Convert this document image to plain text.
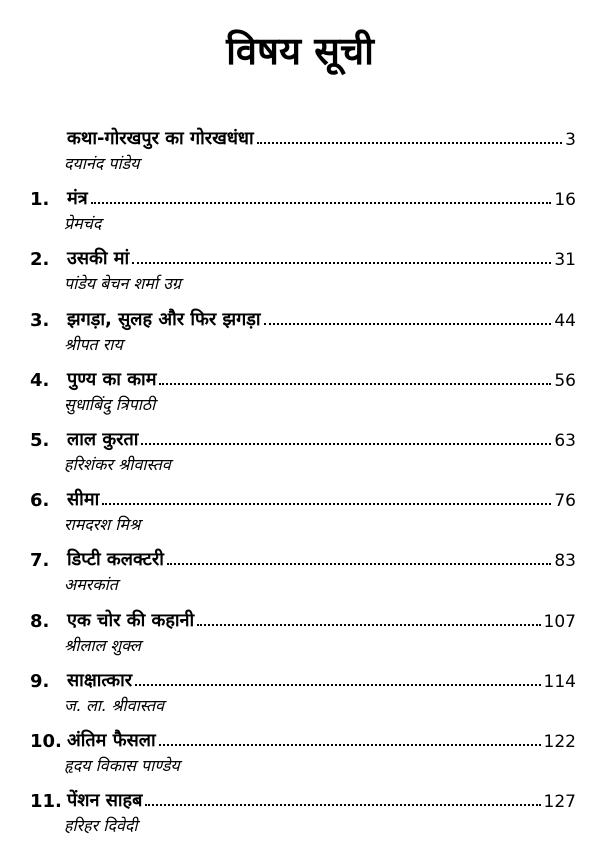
विषय सूची
कथा-गोरखपुर का गोरखधंधा	3
दयानंद पांडेय
1. मंत्र	16
प्रेमचंद
2. उसकी मां	31
पांडेय बेचन शर्मा उग्र
3. झगड़ा, सुलह और फिर झगड़ा	44
श्रीपत राय
4. पुण्य का काम	56
सुधाबिंदु त्रिपाठी
5. लाल कुरता	63
हरिशंकर श्रीवास्तव
6. सीमा	76
रामदरश मिश्र
7. डिप्टी कलक्टरी	83
अमरकांत
8. एक चोर की कहानी	107
श्रीलाल शुक्ल
9. साक्षात्कार	114
ज. ला. श्रीवास्तव
10. अंतिम फैसला	122
हृदय विकास पाण्डेय
11. पेंशन साहब	127
हरिहर दिवेदी
